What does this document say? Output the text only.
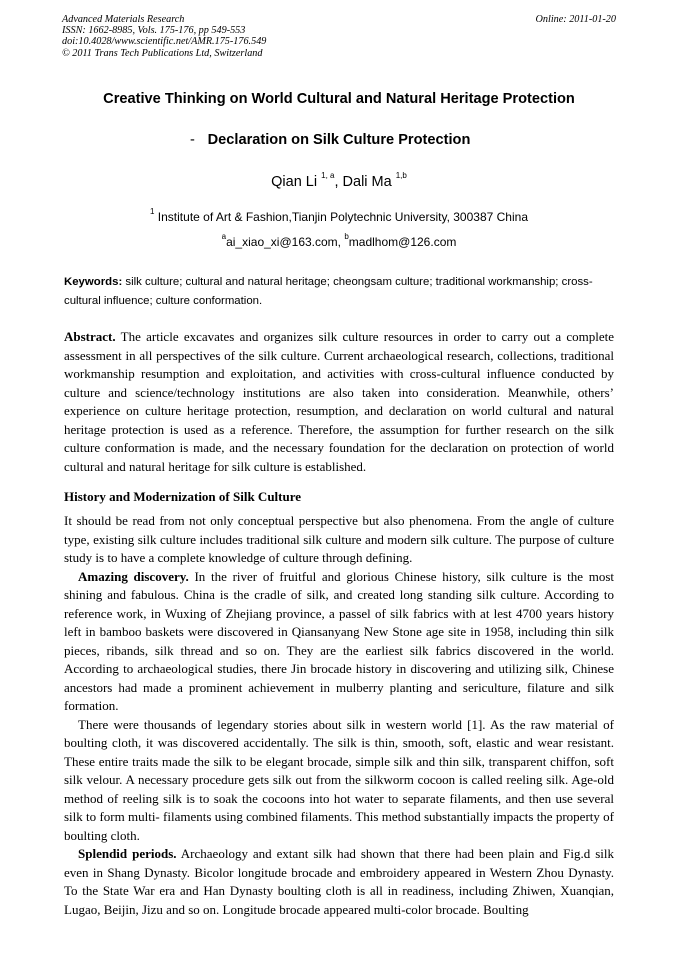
Advanced Materials Research
ISSN: 1662-8985, Vols. 175-176, pp 549-553
doi:10.4028/www.scientific.net/AMR.175-176.549
© 2011 Trans Tech Publications Ltd, Switzerland
Online: 2011-01-20
Creative Thinking on World Cultural and Natural Heritage Protection
- Declaration on Silk Culture Protection
Qian Li $^{1, a}$, Dali Ma $^{1,b}$
$^1$ Institute of Art & Fashion,Tianjin Polytechnic University, 300387 China
$^a$ai_xiao_xi@163.com, $^b$madlhom@126.com
Keywords: silk culture; cultural and natural heritage; cheongsam culture; traditional workmanship; cross-cultural influence; culture conformation.
Abstract. The article excavates and organizes silk culture resources in order to carry out a complete assessment in all perspectives of the silk culture. Current archaeological research, collections, traditional workmanship resumption and exploitation, and activities with cross-cultural influence conducted by culture and science/technology institutions are also taken into consideration. Meanwhile, others’ experience on culture heritage protection, resumption, and declaration on world cultural and natural heritage protection is used as a reference. Therefore, the assumption for further research on the silk culture conformation is made, and the necessary foundation for the declaration on protection of world cultural and natural heritage for silk culture is established.
History and Modernization of Silk Culture

It should be read from not only conceptual perspective but also phenomena. From the angle of culture type, existing silk culture includes traditional silk culture and modern silk culture. The purpose of culture study is to have a complete knowledge of culture through defining.

Amazing discovery. In the river of fruitful and glorious Chinese history, silk culture is the most shining and fabulous. China is the cradle of silk, and created long standing silk culture. According to reference work, in Wuxing of Zhejiang province, a passel of silk fabrics with at lest 4700 years history left in bamboo baskets were discovered in Qiansanyang New Stone age site in 1958, including thin silk pieces, ribands, silk thread and so on. They are the earliest silk fabrics discovered in the world. According to archaeological studies, there Jin brocade history in discovering and utilizing silk, Chinese ancestors had made a prominent achievement in mulberry planting and sericulture, filature and silk formation.

There were thousands of legendary stories about silk in western world [1]. As the raw material of boulting cloth, it was discovered accidentally. The silk is thin, smooth, soft, elastic and wear resistant. These entire traits made the silk to be elegant brocade, simple silk and thin silk, transparent chiffon, soft silk velour. A necessary procedure gets silk out from the silkworm cocoon is called reeling silk. Age-old method of reeling silk is to soak the cocoons into hot water to separate filaments, and then use several silk to form multi- filaments using combined filaments. This method substantially impacts the property of boulting cloth.

Splendid periods. Archaeology and extant silk had shown that there had been plain and Fig.d silk even in Shang Dynasty. Bicolor longitude brocade and embroidery appeared in Western Zhou Dynasty. To the State War era and Han Dynasty boulting cloth is all in readiness, including Zhiwen, Xuanqian, Lugao, Beijin, Jizu and so on. Longitude brocade appeared multi-color brocade. Boulting
